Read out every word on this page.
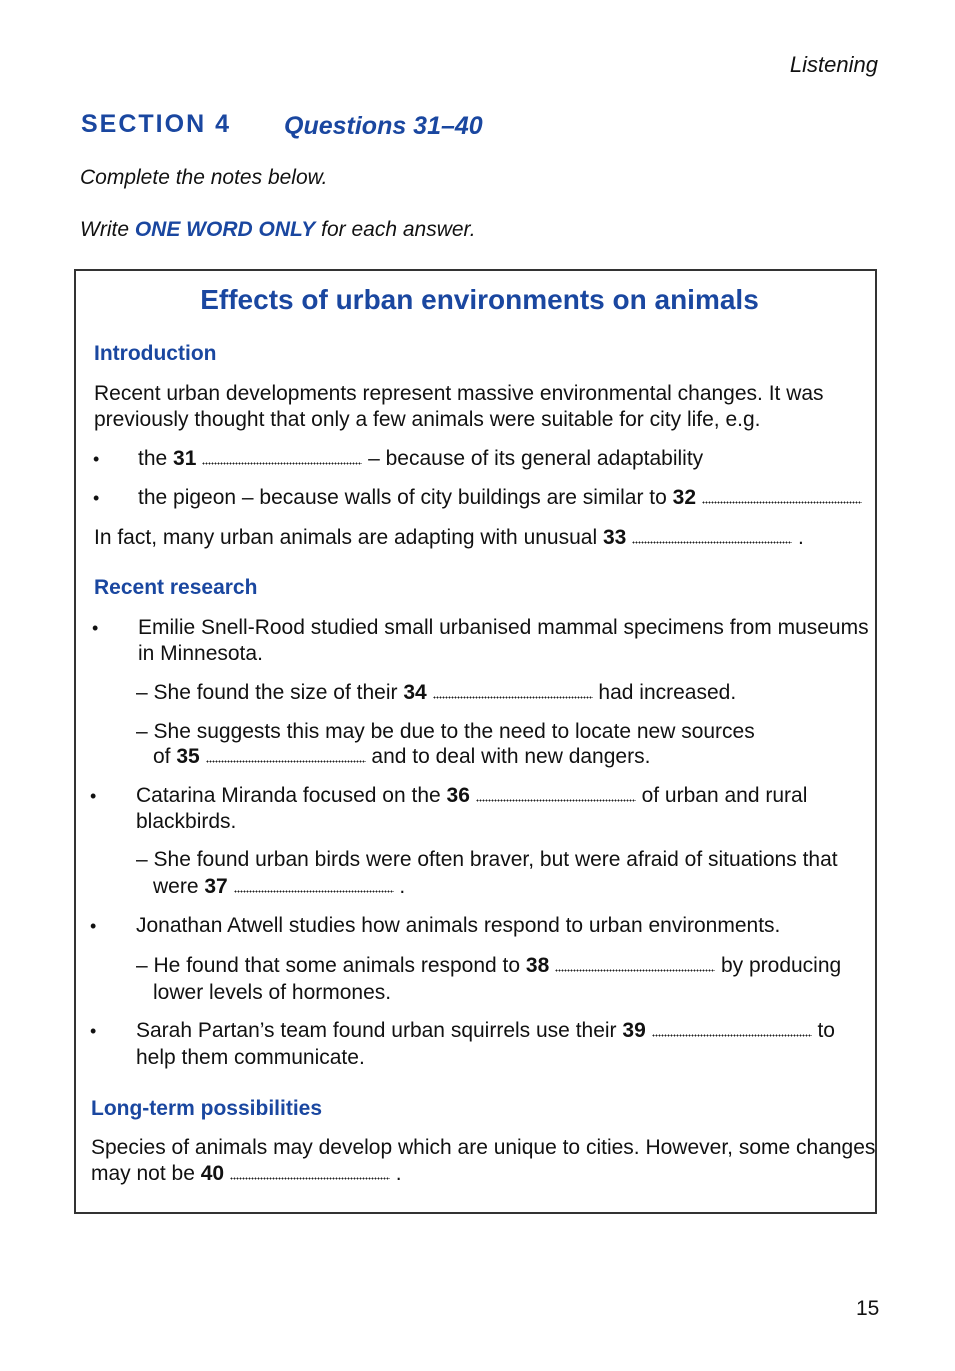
Listening
SECTION 4 Questions 31–40
Complete the notes below.
Write ONE WORD ONLY for each answer.
Effects of urban environments on animals
Introduction
Recent urban developments represent massive environmental changes. It was
previously thought that only a few animals were suitable for city life, e.g.
• the 31	– because of its general adaptability
• the pigeon – because walls of city buildings are similar to 32
In fact, many urban animals are adapting with unusual 33	.
Recent research
• Emilie Snell-Rood studied small urbanised mammal specimens from museums
in Minnesota.
– She found the size of their 34	had increased.
– She suggests this may be due to the need to locate new sources
of 35	and to deal with new dangers.
• Catarina Miranda focused on the 36	of urban and rural
blackbirds.
– She found urban birds were often braver, but were afraid of situations that
were 37	.
• Jonathan Atwell studies how animals respond to urban environments.
– He found that some animals respond to 38	by producing
lower levels of hormones.
• Sarah Partan’s team found urban squirrels use their 39	to
help them communicate.
Long-term possibilities
Species of animals may develop which are unique to cities. However, some changes
may not be 40	.
15
